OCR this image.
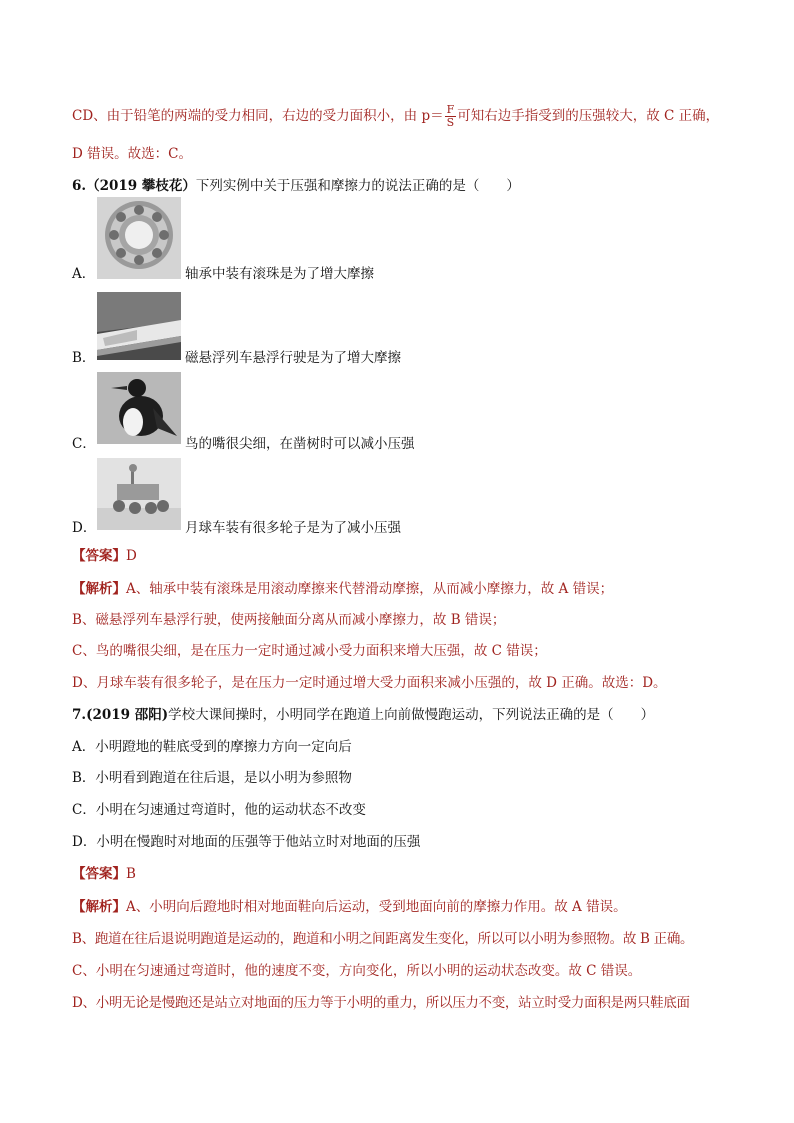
CD、由于铅笔的两端的受力相同，右边的受力面积小，由 $p= \frac{F}{S}$ 可知右边手指受到的压强较大，故 C 正确，
D 错误。故选：C。
6.（2019 攀枝花）下列实例中关于压强和摩擦力的说法正确的是（　　）
A．	轴承中装有滚珠是为了增大摩擦
B．	磁悬浮列车悬浮行驶是为了增大摩擦
C．	鸟的嘴很尖细，在凿树时可以减小压强
D．	月球车装有很多轮子是为了减小压强
【答案】D
【解析】A、轴承中装有滚珠是用滚动摩擦来代替滑动摩擦，从而减小摩擦力，故 A 错误；
B、磁悬浮列车悬浮行驶，使两接触面分离从而减小摩擦力，故 B 错误；
C、鸟的嘴很尖细，是在压力一定时通过减小受力面积来增大压强，故 C 错误；
D、月球车装有很多轮子，是在压力一定时通过增大受力面积来减小压强的，故 D 正确。故选：D。
7.(2019 邵阳)学校大课间操时，小明同学在跑道上向前做慢跑运动，下列说法正确的是（　　）
A．小明蹬地的鞋底受到的摩擦力方向一定向后
B．小明看到跑道在往后退，是以小明为参照物
C．小明在匀速通过弯道时，他的运动状态不改变
D．小明在慢跑时对地面的压强等于他站立时对地面的压强
【答案】B
【解析】A、小明向后蹬地时相对地面鞋向后运动，受到地面向前的摩擦力作用。故 A 错误。
B、跑道在往后退说明跑道是运动的，跑道和小明之间距离发生变化，所以可以小明为参照物。故 B 正确。
C、小明在匀速通过弯道时，他的速度不变，方向变化，所以小明的运动状态改变。故 C 错误。
D、小明无论是慢跑还是站立对地面的压力等于小明的重力，所以压力不变，站立时受力面积是两只鞋底面
